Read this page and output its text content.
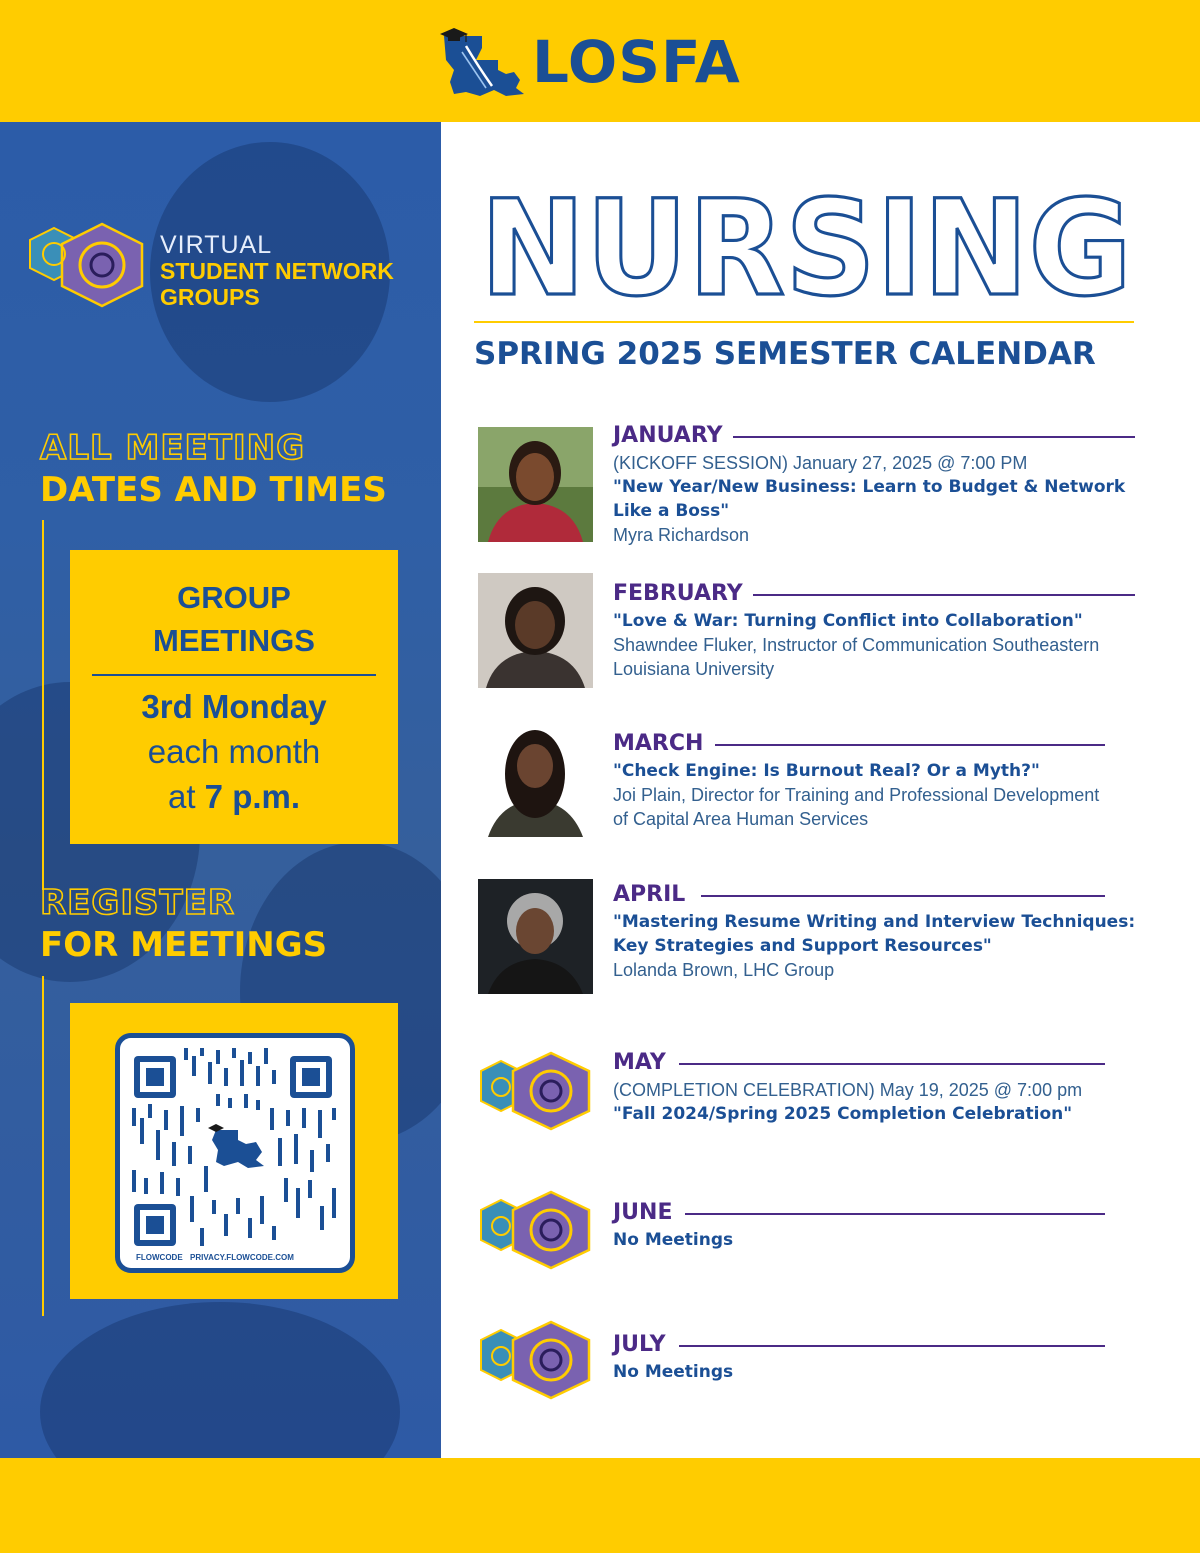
LOSFA
VIRTUAL
STUDENT NETWORK
GROUPS
ALL MEETING
DATES AND TIMES
GROUP
MEETINGS
3rd Monday
each month
at 7 p.m.
REGISTER
FOR MEETINGS
FLOWCODE PRIVACY.FLOWCODE.COM
NURSING
SPRING 2025 SEMESTER CALENDAR
JANUARY
(KICKOFF SESSION) January 27, 2025 @ 7:00 PM
"New Year/New Business: Learn to Budget & Network
Like a Boss"
Myra Richardson
FEBRUARY
"Love & War: Turning Conflict into Collaboration"
Shawndee Fluker, Instructor of Communication Southeastern
Louisiana University
MARCH
"Check Engine: Is Burnout Real? Or a Myth?"
Joi Plain, Director for Training and Professional Development
of Capital Area Human Services
APRIL
"Mastering Resume Writing and Interview Techniques:
Key Strategies and Support Resources"
Lolanda Brown, LHC Group
MAY
(COMPLETION CELEBRATION) May 19, 2025 @ 7:00 pm
"Fall 2024/Spring 2025 Completion Celebration"
JUNE
No Meetings
JULY
No Meetings
